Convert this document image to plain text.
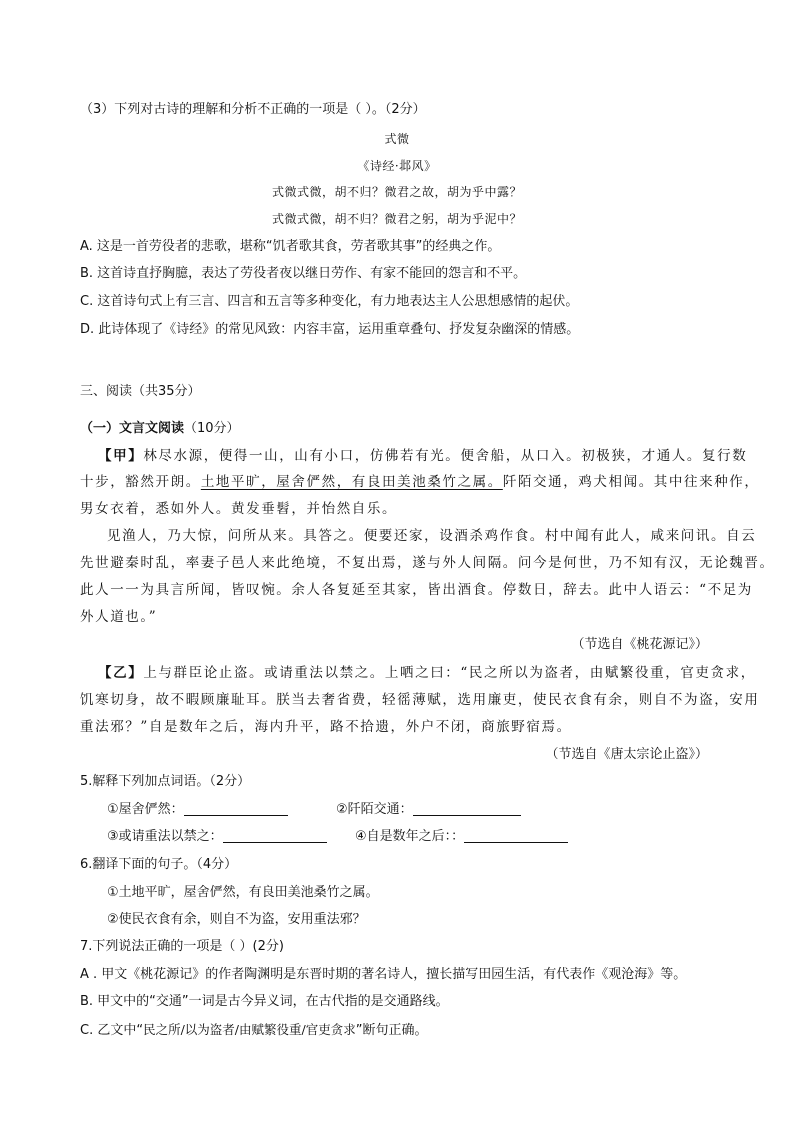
（3）下列对古诗的理解和分析不正确的一项是（ ）。（2分）
式微
《诗经·邶风》
式微式微，胡不归？微君之故，胡为乎中露？
式微式微，胡不归？微君之躬，胡为乎泥中？
A. 这是一首劳役者的悲歌，堪称“饥者歌其食，劳者歌其事”的经典之作。
B. 这首诗直抒胸臆，表达了劳役者夜以继日劳作、有家不能回的怨言和不平。
C. 这首诗句式上有三言、四言和五言等多种变化，有力地表达主人公思想感情的起伏。
D. 此诗体现了《诗经》的常见风致：内容丰富，运用重章叠句、抒发复杂幽深的情感。
三、阅读（共35分）
（一）文言文阅读（10分）
【甲】林尽水源，便得一山，山有小口，仿佛若有光。便舍船，从口入。初极狭，才通人。复行数
十步，豁然开朗。土地平旷，屋舍俨然，有良田美池桑竹之属。阡陌交通，鸡犬相闻。其中往来种作，
男女衣着，悉如外人。黄发垂髫，并怡然自乐。
见渔人，乃大惊，问所从来。具答之。便要还家，设酒杀鸡作食。村中闻有此人，咸来问讯。自云
先世避秦时乱，率妻子邑人来此绝境，不复出焉，遂与外人间隔。问今是何世，乃不知有汉，无论魏晋。
此人一一为具言所闻，皆叹惋。余人各复延至其家，皆出酒食。停数日，辞去。此中人语云：“不足为
外人道也。”
（节选自《桃花源记》）
【乙】上与群臣论止盗。或请重法以禁之。上哂之曰：“民之所以为盗者，由赋繁役重，官吏贪求，
饥寒切身，故不暇顾廉耻耳。朕当去奢省费，轻徭薄赋，选用廉吏，使民衣食有余，则自不为盗，安用
重法邪？”自是数年之后，海内升平，路不拾遗，外户不闭，商旅野宿焉。
（节选自《唐太宗论止盗》）
5.解释下列加点词语。（2分）
①屋舍俨然：	②阡陌交通：
③或请重法以禁之：	④自是数年之后：：
6.翻译下面的句子。（4分）
①土地平旷，屋舍俨然，有良田美池桑竹之属。
②使民衣食有余，则自不为盗，安用重法邪？
7.下列说法正确的一项是（ ）(2分)
A . 甲文《桃花源记》的作者陶渊明是东晋时期的著名诗人，擅长描写田园生活，有代表作《观沧海》等。
B. 甲文中的“交通”一词是古今异义词，在古代指的是交通路线。
C. 乙文中“民之所/以为盗者/由赋繁役重/官吏贪求”断句正确。
